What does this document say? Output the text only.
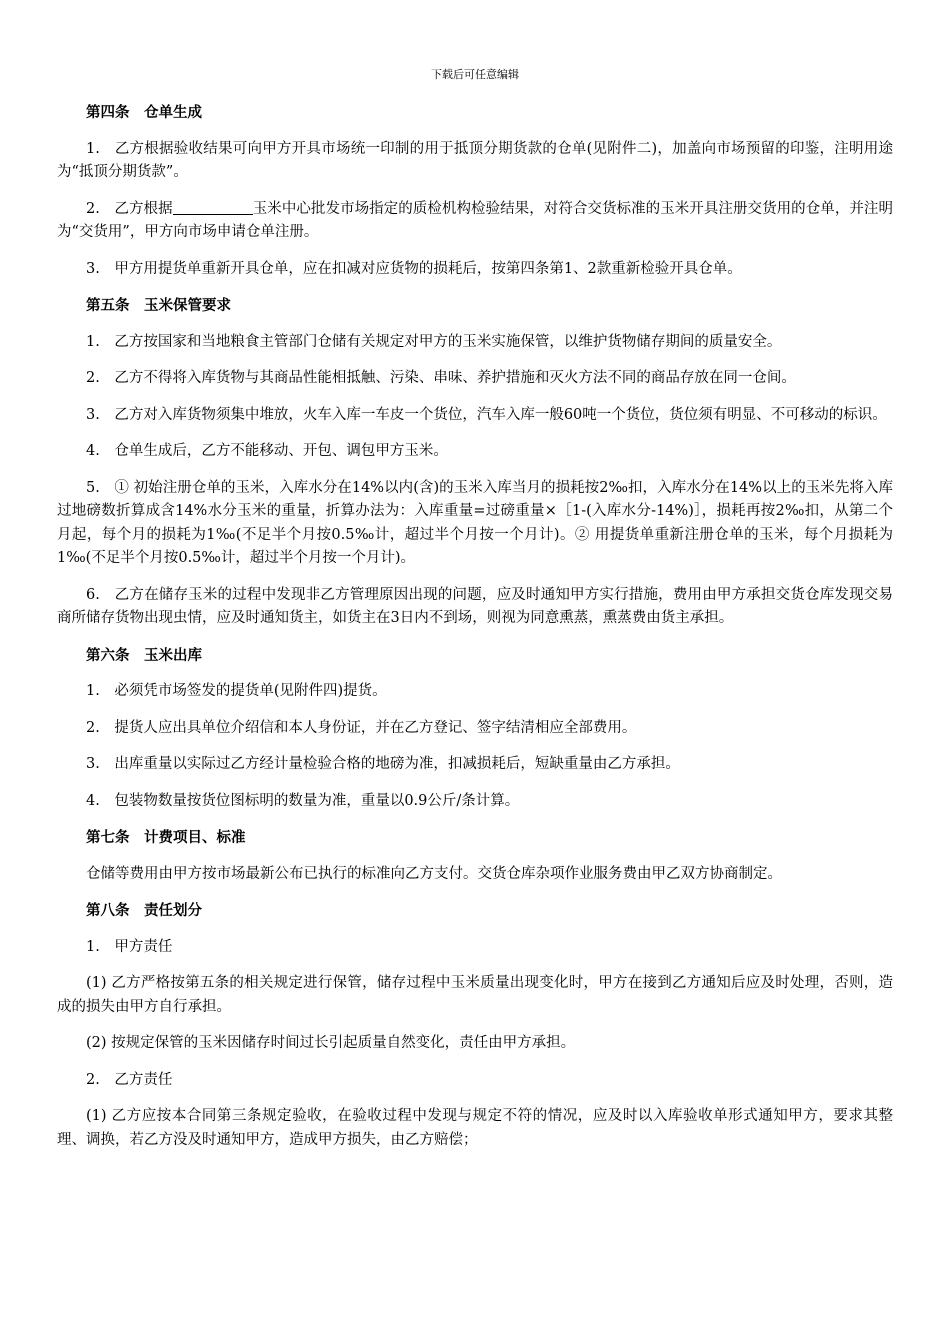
下载后可任意编辑

第四条　仓单生成

1.　乙方根据验收结果可向甲方开具市场统一印制的用于抵顶分期货款的仓单(见附件二)，加盖向市场预留的印鉴，注明用途为“抵顶分期货款”。

2.　乙方根据	玉米中心批发市场指定的质检机构检验结果，对符合交货标准的玉米开具注册交货用的仓单，并注明为“交货用”，甲方向市场申请仓单注册。

3.　甲方用提货单重新开具仓单，应在扣减对应货物的损耗后，按第四条第1、2款重新检验开具仓单。

第五条　玉米保管要求

1.　乙方按国家和当地粮食主管部门仓储有关规定对甲方的玉米实施保管，以维护货物储存期间的质量安全。

2.　乙方不得将入库货物与其商品性能相抵触、污染、串味、养护措施和灭火方法不同的商品存放在同一仓间。

3.　乙方对入库货物须集中堆放，火车入库一车皮一个货位，汽车入库一般60吨一个货位，货位须有明显、不可移动的标识。

4.　仓单生成后，乙方不能移动、开包、调包甲方玉米。

5.　① 初始注册仓单的玉米，入库水分在14%以内(含)的玉米入库当月的损耗按2‰扣，入库水分在14%以上的玉米先将入库过地磅数折算成含14%水分玉米的重量，折算办法为：入库重量=过磅重量×［1-(入库水分-14%)］，损耗再按2‰扣，从第二个月起，每个月的损耗为1‰(不足半个月按0.5‰计，超过半个月按一个月计)。② 用提货单重新注册仓单的玉米，每个月损耗为1‰(不足半个月按0.5‰计，超过半个月按一个月计)。

6.　乙方在储存玉米的过程中发现非乙方管理原因出现的问题，应及时通知甲方实行措施，费用由甲方承担交货仓库发现交易商所储存货物出现虫情，应及时通知货主，如货主在3日内不到场，则视为同意熏蒸，熏蒸费由货主承担。

第六条　玉米出库

1.　必须凭市场签发的提货单(见附件四)提货。

2.　提货人应出具单位介绍信和本人身份证，并在乙方登记、签字结清相应全部费用。

3.　出库重量以实际过乙方经计量检验合格的地磅为准，扣减损耗后，短缺重量由乙方承担。

4.　包装物数量按货位图标明的数量为准，重量以0.9公斤/条计算。

第七条　计费项目、标准

仓储等费用由甲方按市场最新公布已执行的标准向乙方支付。交货仓库杂项作业服务费由甲乙双方协商制定。

第八条　责任划分

1.　甲方责任

(1) 乙方严格按第五条的相关规定进行保管，储存过程中玉米质量出现变化时，甲方在接到乙方通知后应及时处理，否则，造成的损失由甲方自行承担。

(2) 按规定保管的玉米因储存时间过长引起质量自然变化，责任由甲方承担。

2.　乙方责任

(1) 乙方应按本合同第三条规定验收，在验收过程中发现与规定不符的情况，应及时以入库验收单形式通知甲方，要求其整理、调换，若乙方没及时通知甲方，造成甲方损失，由乙方赔偿；
